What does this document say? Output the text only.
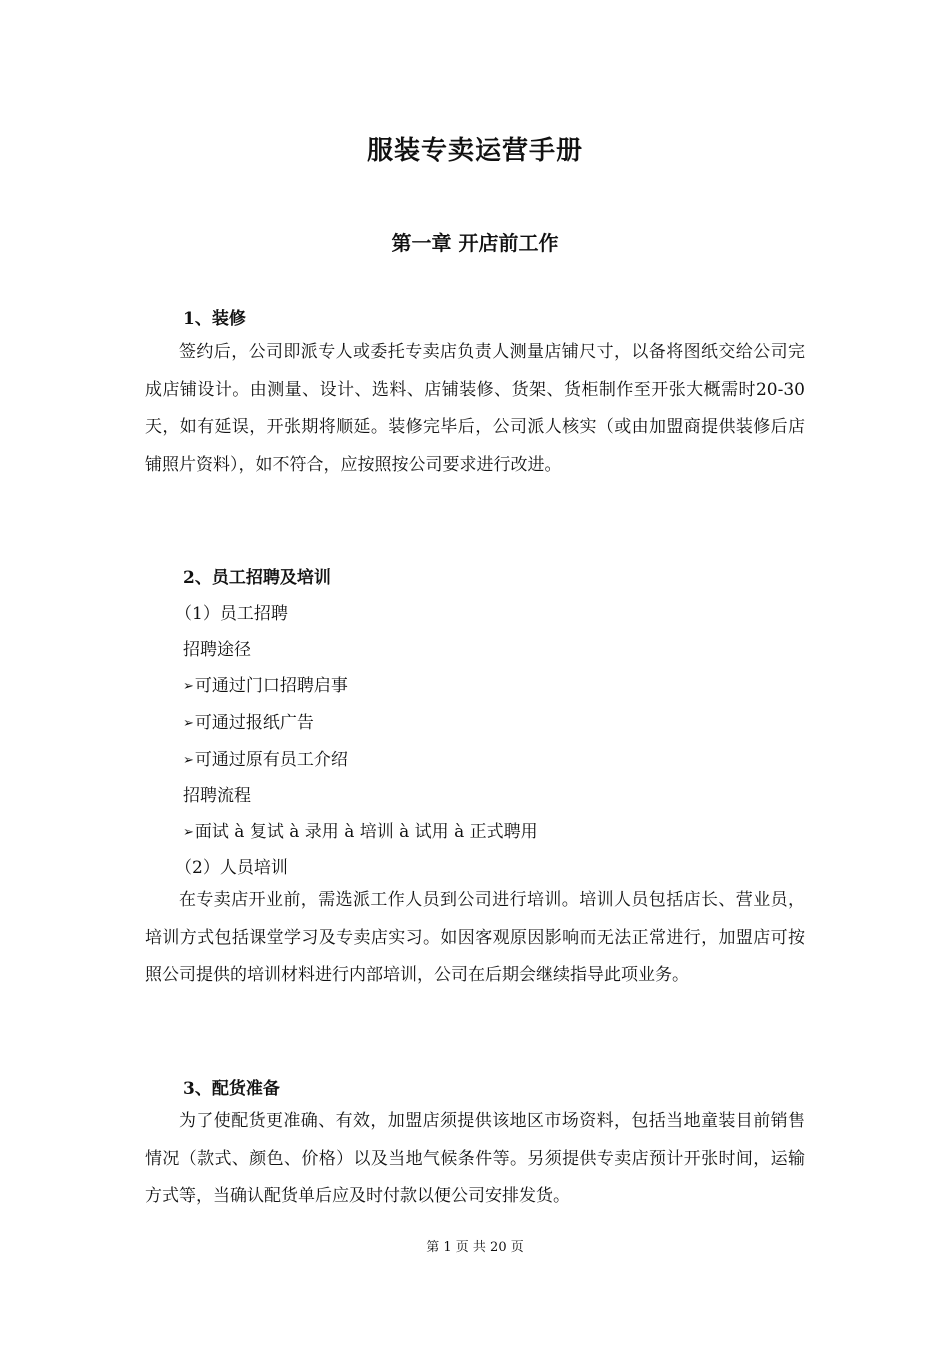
服装专卖运营手册
第一章 开店前工作

1、装修

签约后，公司即派专人或委托专卖店负责人测量店铺尺寸，以备将图纸交给公司完成店铺设计。由测量、设计、选料、店铺装修、货架、货柜制作至开张大概需时20-30天，如有延误，开张期将顺延。装修完毕后，公司派人核实（或由加盟商提供装修后店铺照片资料），如不符合，应按照按公司要求进行改进。

2、员工招聘及培训

（1）员工招聘

招聘途径

➢可通过门口招聘启事

➢可通过报纸广告

➢可通过原有员工介绍

招聘流程

➢面试 à 复试 à 录用 à 培训 à 试用 à 正式聘用

（2）人员培训

在专卖店开业前，需选派工作人员到公司进行培训。培训人员包括店长、营业员，培训方式包括课堂学习及专卖店实习。如因客观原因影响而无法正常进行，加盟店可按照公司提供的培训材料进行内部培训，公司在后期会继续指导此项业务。

3、配货准备

为了使配货更准确、有效，加盟店须提供该地区市场资料，包括当地童装目前销售情况（款式、颜色、价格）以及当地气候条件等。另须提供专卖店预计开张时间，运输方式等，当确认配货单后应及时付款以便公司安排发货。

第 1 页 共 20 页
